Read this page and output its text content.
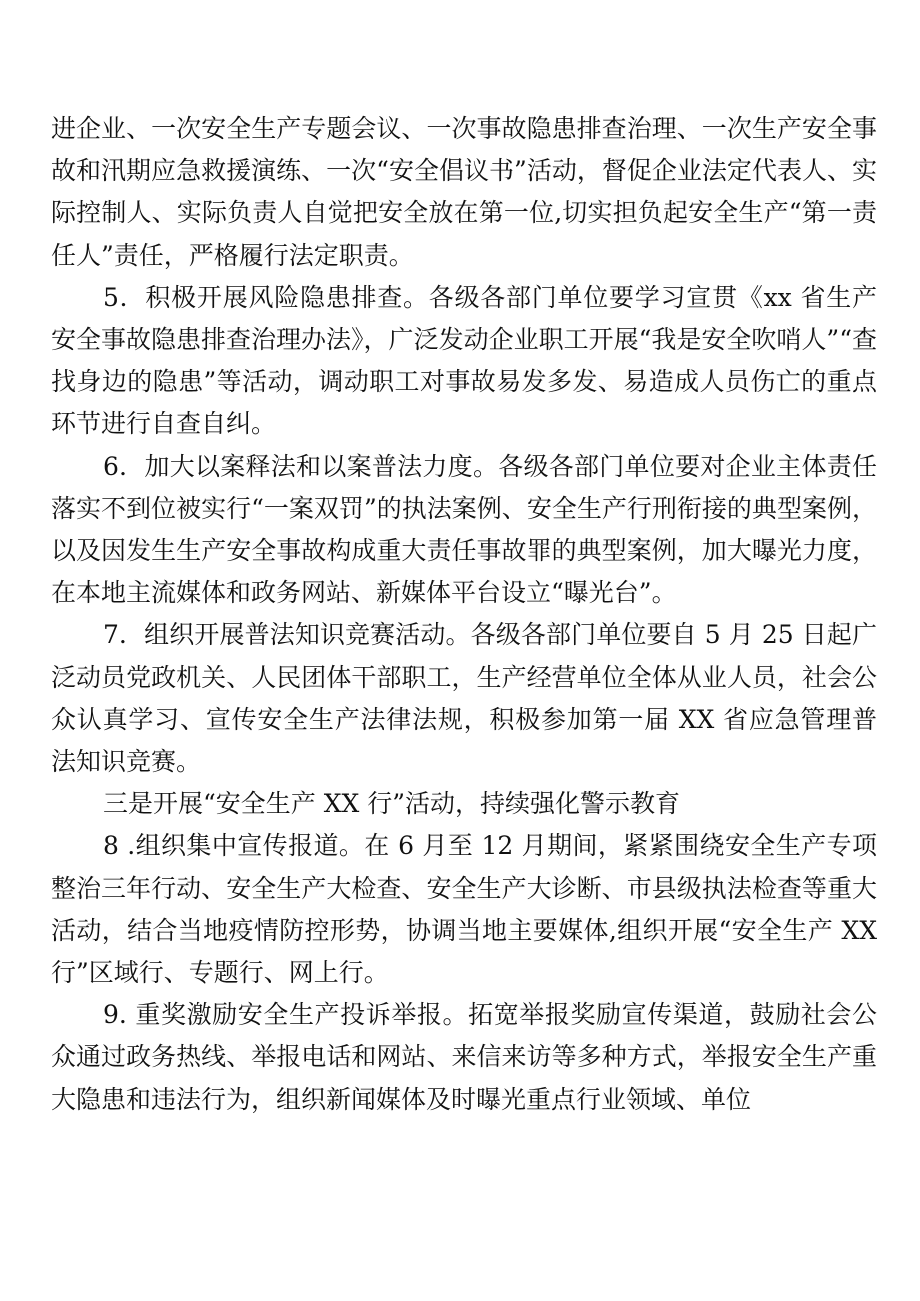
进企业、一次安全生产专题会议、一次事故隐患排查治理、一次生产安全事故和汛期应急救援演练、一次“安全倡议书”活动，督促企业法定代表人、实际控制人、实际负责人自觉把安全放在第一位,切实担负起安全生产“第一责任人”责任，严格履行法定职责。

5．积极开展风险隐患排查。各级各部门单位要学习宣贯《xx 省生产安全事故隐患排查治理办法》，广泛发动企业职工开展“我是安全吹哨人”“查找身边的隐患”等活动，调动职工对事故易发多发、易造成人员伤亡的重点环节进行自查自纠。

6．加大以案释法和以案普法力度。各级各部门单位要对企业主体责任落实不到位被实行“一案双罚”的执法案例、安全生产行刑衔接的典型案例，以及因发生生产安全事故构成重大责任事故罪的典型案例，加大曝光力度，在本地主流媒体和政务网站、新媒体平台设立“曝光台”。

7．组织开展普法知识竞赛活动。各级各部门单位要自 5 月 25 日起广泛动员党政机关、人民团体干部职工，生产经营单位全体从业人员，社会公众认真学习、宣传安全生产法律法规，积极参加第一届 XX 省应急管理普法知识竞赛。

三是开展“安全生产 XX 行”活动，持续强化警示教育

8 .组织集中宣传报道。在 6 月至 12 月期间，紧紧围绕安全生产专项整治三年行动、安全生产大检查、安全生产大诊断、市县级执法检查等重大活动，结合当地疫情防控形势，协调当地主要媒体,组织开展“安全生产 XX 行”区域行、专题行、网上行。

9. 重奖激励安全生产投诉举报。拓宽举报奖励宣传渠道，鼓励社会公众通过政务热线、举报电话和网站、来信来访等多种方式，举报安全生产重大隐患和违法行为，组织新闻媒体及时曝光重点行业领域、单位
